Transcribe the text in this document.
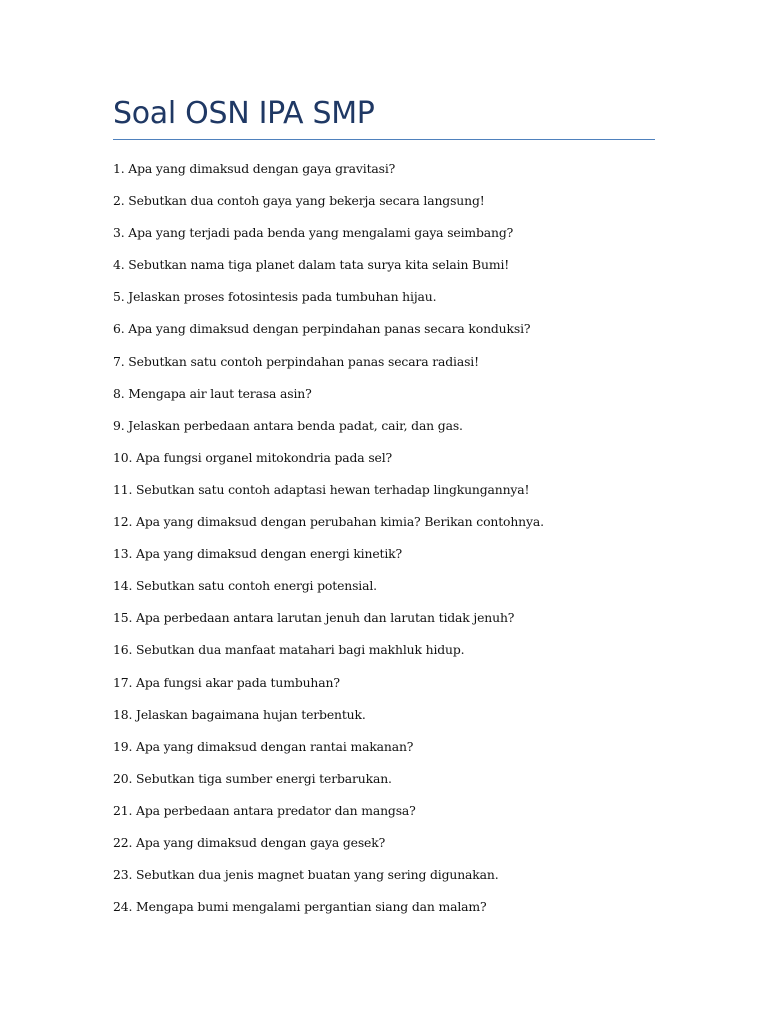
Soal OSN IPA SMP
1. Apa yang dimaksud dengan gaya gravitasi?
2. Sebutkan dua contoh gaya yang bekerja secara langsung!
3. Apa yang terjadi pada benda yang mengalami gaya seimbang?
4. Sebutkan nama tiga planet dalam tata surya kita selain Bumi!
5. Jelaskan proses fotosintesis pada tumbuhan hijau.
6. Apa yang dimaksud dengan perpindahan panas secara konduksi?
7. Sebutkan satu contoh perpindahan panas secara radiasi!
8. Mengapa air laut terasa asin?
9. Jelaskan perbedaan antara benda padat, cair, dan gas.
10. Apa fungsi organel mitokondria pada sel?
11. Sebutkan satu contoh adaptasi hewan terhadap lingkungannya!
12. Apa yang dimaksud dengan perubahan kimia? Berikan contohnya.
13. Apa yang dimaksud dengan energi kinetik?
14. Sebutkan satu contoh energi potensial.
15. Apa perbedaan antara larutan jenuh dan larutan tidak jenuh?
16. Sebutkan dua manfaat matahari bagi makhluk hidup.
17. Apa fungsi akar pada tumbuhan?
18. Jelaskan bagaimana hujan terbentuk.
19. Apa yang dimaksud dengan rantai makanan?
20. Sebutkan tiga sumber energi terbarukan.
21. Apa perbedaan antara predator dan mangsa?
22. Apa yang dimaksud dengan gaya gesek?
23. Sebutkan dua jenis magnet buatan yang sering digunakan.
24. Mengapa bumi mengalami pergantian siang dan malam?
